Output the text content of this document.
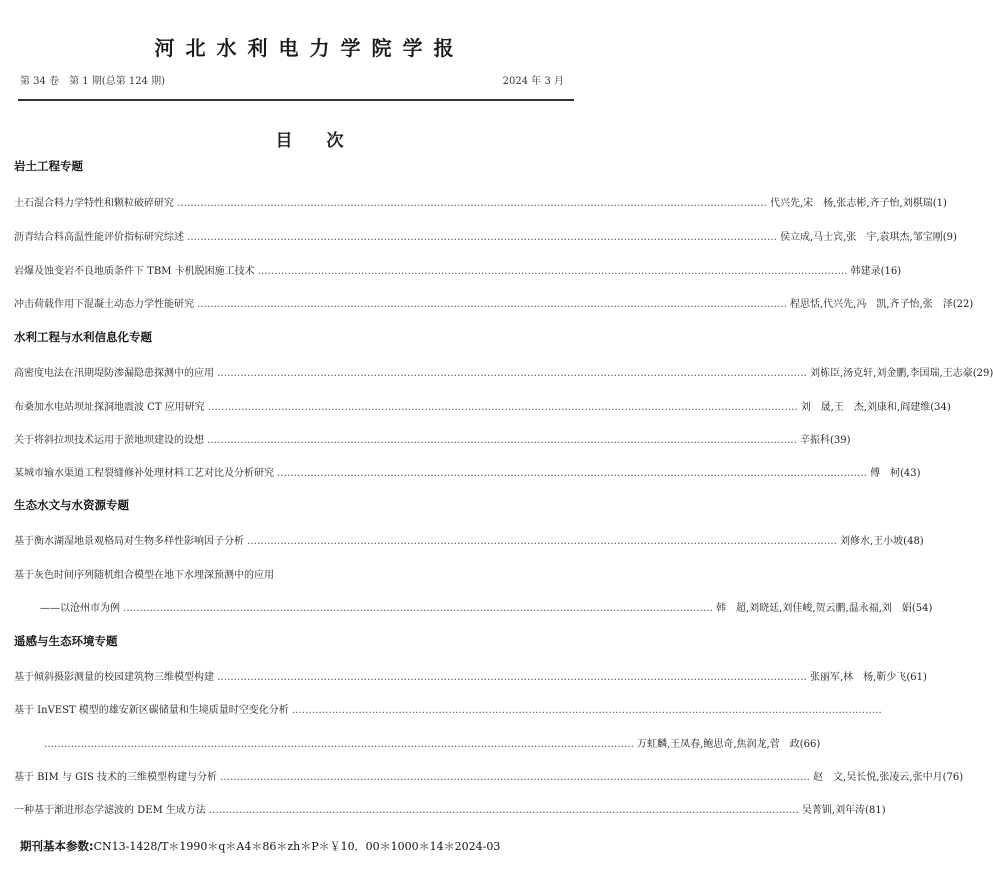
河北水利电力学院学报
第 34 卷　第 1 期(总第 124 期)	2024 年 3 月
目次
岩土工程专题
土石混合料力学特性和颗粒破碎研究 …………………………………………………………………………………………………………………………………………………………… 代兴先,宋　杨,张志彬,齐子怡,刘棋瑞(1)
沥青结合料高温性能评价指标研究综述 …………………………………………………………………………………………………………………………………………………………… 侯立成,马士宾,张　宇,袁琪杰,邹宝刚(9)
岩爆及蚀变岩不良地质条件下 TBM 卡机脱困施工技术 …………………………………………………………………………………………………………………………………………………………… 韩建录(16)
冲击荷载作用下混凝土动态力学性能研究 …………………………………………………………………………………………………………………………………………………………… 程思恬,代兴先,冯　凯,齐子怡,张　泽(22)
水利工程与水利信息化专题
高密度电法在汛期堤防渗漏隐患探测中的应用 …………………………………………………………………………………………………………………………………………………………… 刘栋臣,汤克轩,刘金鹏,李国瑞,王志豪(29)
布桑加水电站坝址探洞地震波 CT 应用研究 …………………………………………………………………………………………………………………………………………………………… 刘　晟,王　杰,刘康和,阎建维(34)
关于将斜拉坝技术运用于淤地坝建设的设想 …………………………………………………………………………………………………………………………………………………………… 辛振科(39)
某城市输水渠道工程裂缝修补处理材料工艺对比及分析研究 …………………………………………………………………………………………………………………………………………………………… 傅　柯(43)
生态水文与水资源专题
基于衡水湖湿地景观格局对生物多样性影响因子分析 …………………………………………………………………………………………………………………………………………………………… 刘修水,王小坡(48)
基于灰色时间序列随机组合模型在地下水埋深预测中的应用
——以沧州市为例 …………………………………………………………………………………………………………………………………………………………… 韩　超,刘晓廷,刘佳峻,贺云鹏,温永福,刘　娟(54)
遥感与生态环境专题
基于倾斜摄影测量的校园建筑物三维模型构建 …………………………………………………………………………………………………………………………………………………………… 张丽军,林　杨,靳少飞(61)
基于 InVEST 模型的雄安新区碳储量和生境质量时空变化分析 ……………………………………………………………………………………………………………………………………………………………
…………………………………………………………………………………………………………………………………………………………… 万虹麟,王凤春,鲍思奇,焦润龙,菅　政(66)
基于 BIM 与 GIS 技术的三维模型构建与分析 …………………………………………………………………………………………………………………………………………………………… 赵　文,吴长悦,张凌云,张中月(76)
一种基于渐进形态学滤波的 DEM 生成方法 …………………………………………………………………………………………………………………………………………………………… 吴菁钏,刘年涛(81)
期刊基本参数:CN13-1428/T＊1990＊q＊A4＊86＊zh＊P＊￥10．00＊1000＊14＊2024-03
